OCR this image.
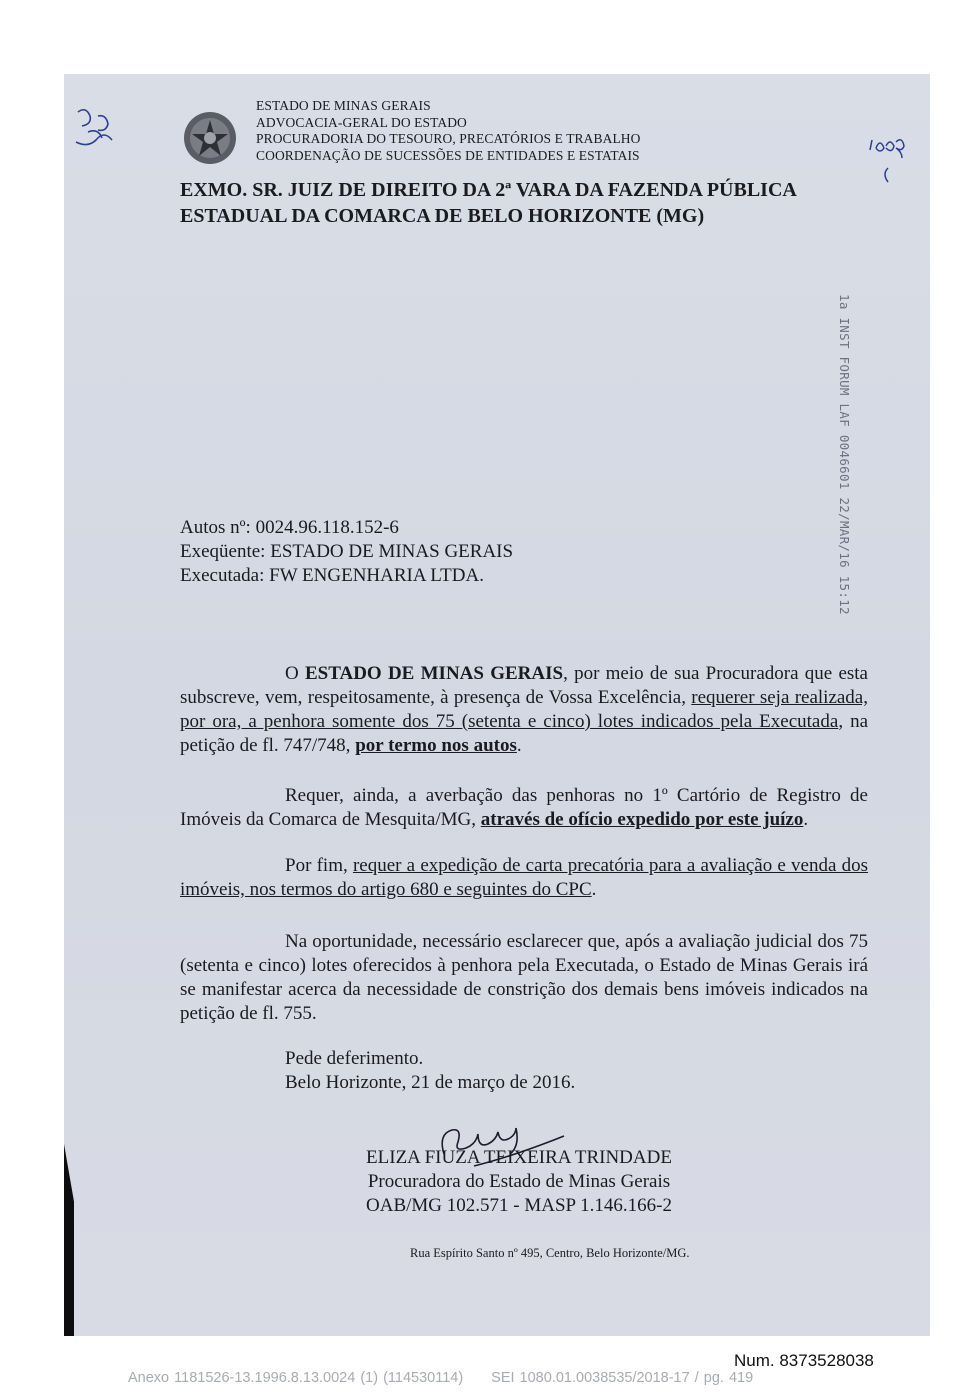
ESTADO DE MINAS GERAIS
ADVOCACIA-GERAL DO ESTADO
PROCURADORIA DO TESOURO, PRECATÓRIOS E TRABALHO
COORDENAÇÃO DE SUCESSÕES DE ENTIDADES E ESTATAIS
EXMO. SR. JUIZ DE DIREITO DA 2ª VARA DA FAZENDA PÚBLICA
ESTADUAL DA COMARCA DE BELO HORIZONTE (MG)
1a INST FORUM LAF 0046601 22/MAR/16 15:12
Autos nº: 0024.96.118.152-6
Exeqüente: ESTADO DE MINAS GERAIS
Executada: FW ENGENHARIA LTDA.
O ESTADO DE MINAS GERAIS, por meio de sua Procuradora que esta subscreve, vem, respeitosamente, à presença de Vossa Excelência, requerer seja realizada, por ora, a penhora somente dos 75 (setenta e cinco) lotes indicados pela Executada, na petição de fl. 747/748, por termo nos autos.
Requer, ainda, a averbação das penhoras no 1º Cartório de Registro de Imóveis da Comarca de Mesquita/MG, através de ofício expedido por este juízo.
Por fim, requer a expedição de carta precatória para a avaliação e venda dos imóveis, nos termos do artigo 680 e seguintes do CPC.
Na oportunidade, necessário esclarecer que, após a avaliação judicial dos 75 (setenta e cinco) lotes oferecidos à penhora pela Executada, o Estado de Minas Gerais irá se manifestar acerca da necessidade de constrição dos demais bens imóveis indicados na petição de fl. 755.
Pede deferimento.
Belo Horizonte, 21 de março de 2016.
ELIZA FIUZA TEIXEIRA TRINDADE
Procuradora do Estado de Minas Gerais
OAB/MG 102.571 - MASP 1.146.166-2
Rua Espírito Santo nº 495, Centro, Belo Horizonte/MG.
Num. 8373528038
Anexo 1181526-13.1996.8.13.0024 (1) (114530114) SEI 1080.01.0038535/2018-17 / pg. 419
